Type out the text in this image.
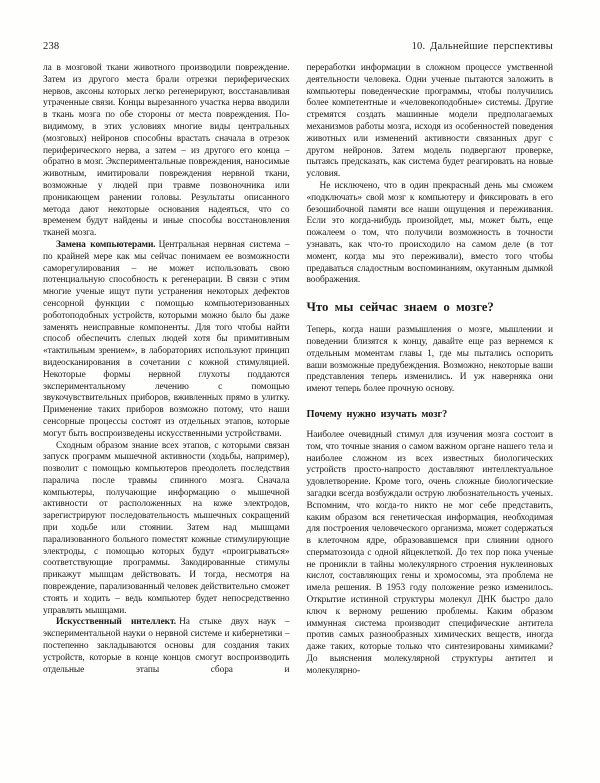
238	10. Дальнейшие перспективы

ла в мозговой ткани животного производили повреждение. Затем из другого места брали отрезки периферических нервов, аксоны которых легко регенерируют, восстанавливая утраченные связи. Концы вырезанного участка нерва вводили в ткань мозга по обе стороны от места повреждения. По-видимому, в этих условиях многие виды центральных (мозговых) нейронов способны врастать сначала в отрезок периферического нерва, а затем – из другого его конца – обратно в мозг. Экспериментальные повреждения, наносимые животным, имитировали повреждения нервной ткани, возможные у людей при травме позвоночника или проникающем ранении головы. Результаты описанного метода дают некоторые основания надеяться, что со временем будут найдены и иные способы восстановления тканей мозга.

Замена компьютерами. Центральная нервная система – по крайней мере как мы сейчас понимаем ее возможности саморегулирования – не может использовать свою потенциальную способность к регенерации. В связи с этим многие ученые ищут пути устранения некоторых дефектов сенсорной функции с помощью компьютеризованных роботоподобных устройств, которыми можно было бы даже заменять неисправные компоненты. Для того чтобы найти способ обеспечить слепых людей хотя бы примитивным «тактильным зрением», в лабораториях используют принцип видеосканирования в сочетании с кожной стимуляцией. Некоторые формы нервной глухоты поддаются экспериментальному лечению с помощью звукочувствительных приборов, вживленных прямо в улитку. Применение таких приборов возможно потому, что наши сенсорные процессы состоят из отдельных этапов, которые могут быть воспроизведены искусственными устройствами.

Сходным образом знание всех этапов, с которыми связан запуск программ мышечной активности (ходьбы, например), позволит с помощью компьютеров преодолеть последствия паралича после травмы спинного мозга. Сначала компьютеры, получающие информацию о мышечной активности от расположенных на коже электродов, зарегистрируют последовательность мышечных сокращений при ходьбе или стоянии. Затем над мышцами парализованного больного поместят кожные стимулирующие электроды, с помощью которых будут «проигрываться» соответствующие программы. Закодированные стимулы прикажут мышцам действовать. И тогда, несмотря на повреждение, парализованный человек действительно сможет стоять и ходить – ведь компьютер будет непосредственно управлять мышцами.

Искусственный интеллект. На стыке двух наук – экспериментальной науки о нервной системе и кибернетики – постепенно закладываются основы для создания таких устройств, которые в конце концов смогут воспроизводить отдельные этапы сбора и

переработки информации в сложном процессе умственной деятельности человека. Одни ученые пытаются заложить в компьютеры поведенческие программы, чтобы получились более компетентные и «человекоподобные» системы. Другие стремятся создать машинные модели предполагаемых механизмов работы мозга, исходя из особенностей поведения животных или изменений активности связанных друг с другом нейронов. Затем модель подвергают проверке, пытаясь предсказать, как система будет реагировать на новые условия.

Не исключено, что в один прекрасный день мы сможем «подключать» свой мозг к компьютеру и фиксировать в его безошибочной памяти все наши ощущения и переживания. Если это когда-нибудь произойдет, мы, может быть, еще пожалеем о том, что получили возможность в точности узнавать, как что-то происходило на самом деле (в тот момент, когда мы это переживали), вместо того чтобы предаваться сладостным воспоминаниям, окутанным дымкой воображения.

Что мы сейчас знаем о мозге?

Теперь, когда наши размышления о мозге, мышлении и поведении близятся к концу, давайте еще раз вернемся к отдельным моментам главы 1, где мы пытались оспорить ваши возможные предубеждения. Возможно, некоторые ваши представления теперь изменились. И уж наверняка они имеют теперь более прочную основу.

Почему нужно изучать мозг?

Наиболее очевидный стимул для изучения мозга состоит в том, что точные знания о самом важном органе нашего тела и наиболее сложном из всех известных биологических устройств просто-напросто доставляют интеллектуальное удовлетворение. Кроме того, очень сложные биологические загадки всегда возбуждали острую любознательность ученых. Вспомним, что когда-то никто не мог себе представить, каким образом вся генетическая информация, необходимая для построения человеческого организма, может содержаться в клеточном ядре, образовавшемся при слиянии одного сперматозоида с одной яйцеклеткой. До тех пор пока ученые не проникли в тайны молекулярного строения нуклеиновых кислот, составляющих гены и хромосомы, эта проблема не имела решения. В 1953 году положение резко изменилось. Открытие истинной структуры молекул ДНК быстро дало ключ к верному решению проблемы. Каким образом иммунная система производит специфические антитела против самых разнообразных химических веществ, иногда даже таких, которые только что синтезированы химиками? До выяснения молекулярной структуры антител и молекулярно-
